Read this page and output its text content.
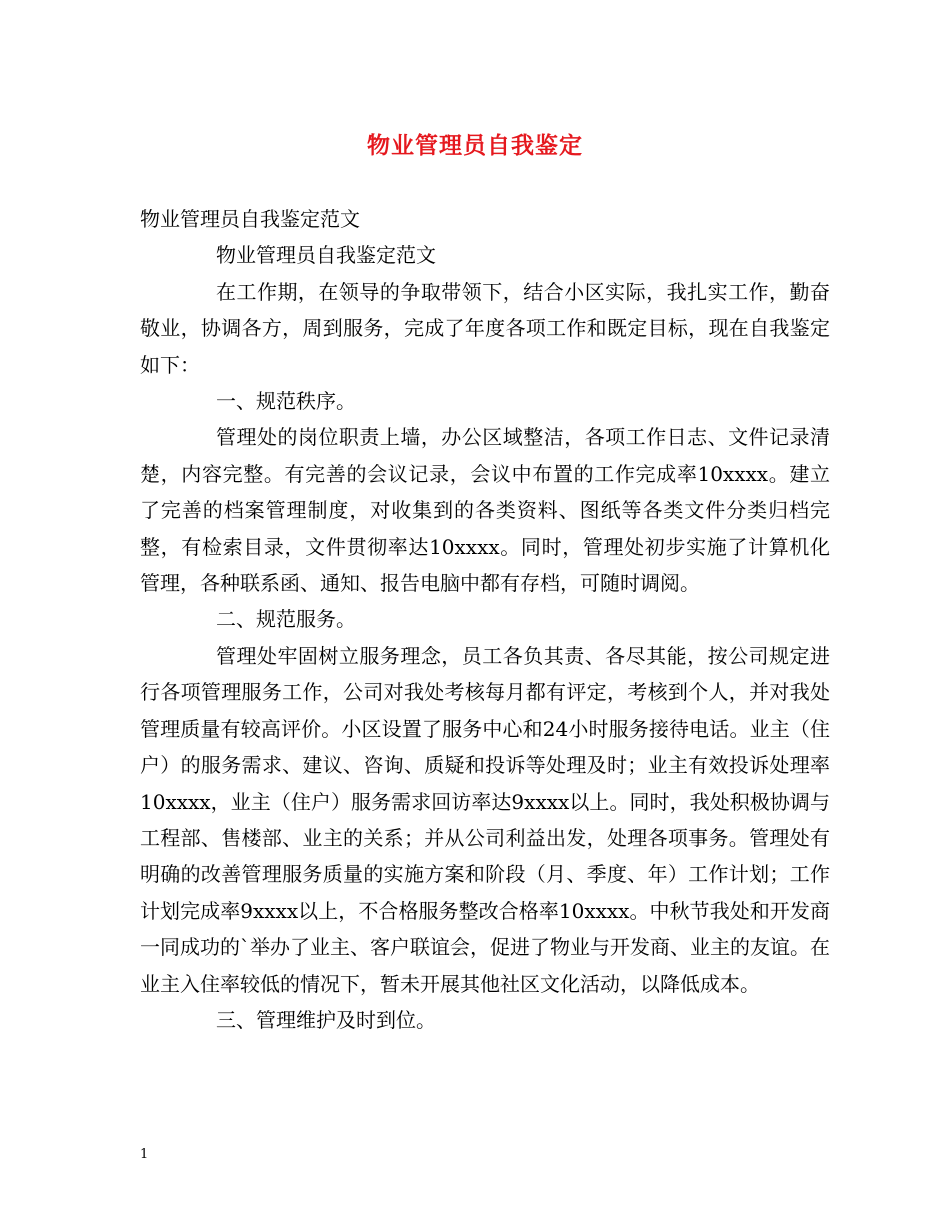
物业管理员自我鉴定

物业管理员自我鉴定范文

物业管理员自我鉴定范文

在工作期，在领导的争取带领下，结合小区实际，我扎实工作，勤奋敬业，协调各方，周到服务，完成了年度各项工作和既定目标，现在自我鉴定如下：

一、规范秩序。

管理处的岗位职责上墙，办公区域整洁，各项工作日志、文件记录清楚，内容完整。有完善的会议记录，会议中布置的工作完成率10xxxx。建立了完善的档案管理制度，对收集到的各类资料、图纸等各类文件分类归档完整，有检索目录，文件贯彻率达10xxxx。同时，管理处初步实施了计算机化管理，各种联系函、通知、报告电脑中都有存档，可随时调阅。

二、规范服务。

管理处牢固树立服务理念，员工各负其责、各尽其能，按公司规定进行各项管理服务工作，公司对我处考核每月都有评定，考核到个人，并对我处管理质量有较高评价。小区设置了服务中心和24小时服务接待电话。业主（住户）的服务需求、建议、咨询、质疑和投诉等处理及时；业主有效投诉处理率10xxxx，业主（住户）服务需求回访率达9xxxx以上。同时，我处积极协调与工程部、售楼部、业主的关系；并从公司利益出发，处理各项事务。管理处有明确的改善管理服务质量的实施方案和阶段（月、季度、年）工作计划；工作计划完成率9xxxx以上，不合格服务整改合格率10xxxx。中秋节我处和开发商一同成功的`举办了业主、客户联谊会，促进了物业与开发商、业主的友谊。在业主入住率较低的情况下，暂未开展其他社区文化活动，以降低成本。

三、管理维护及时到位。

1
